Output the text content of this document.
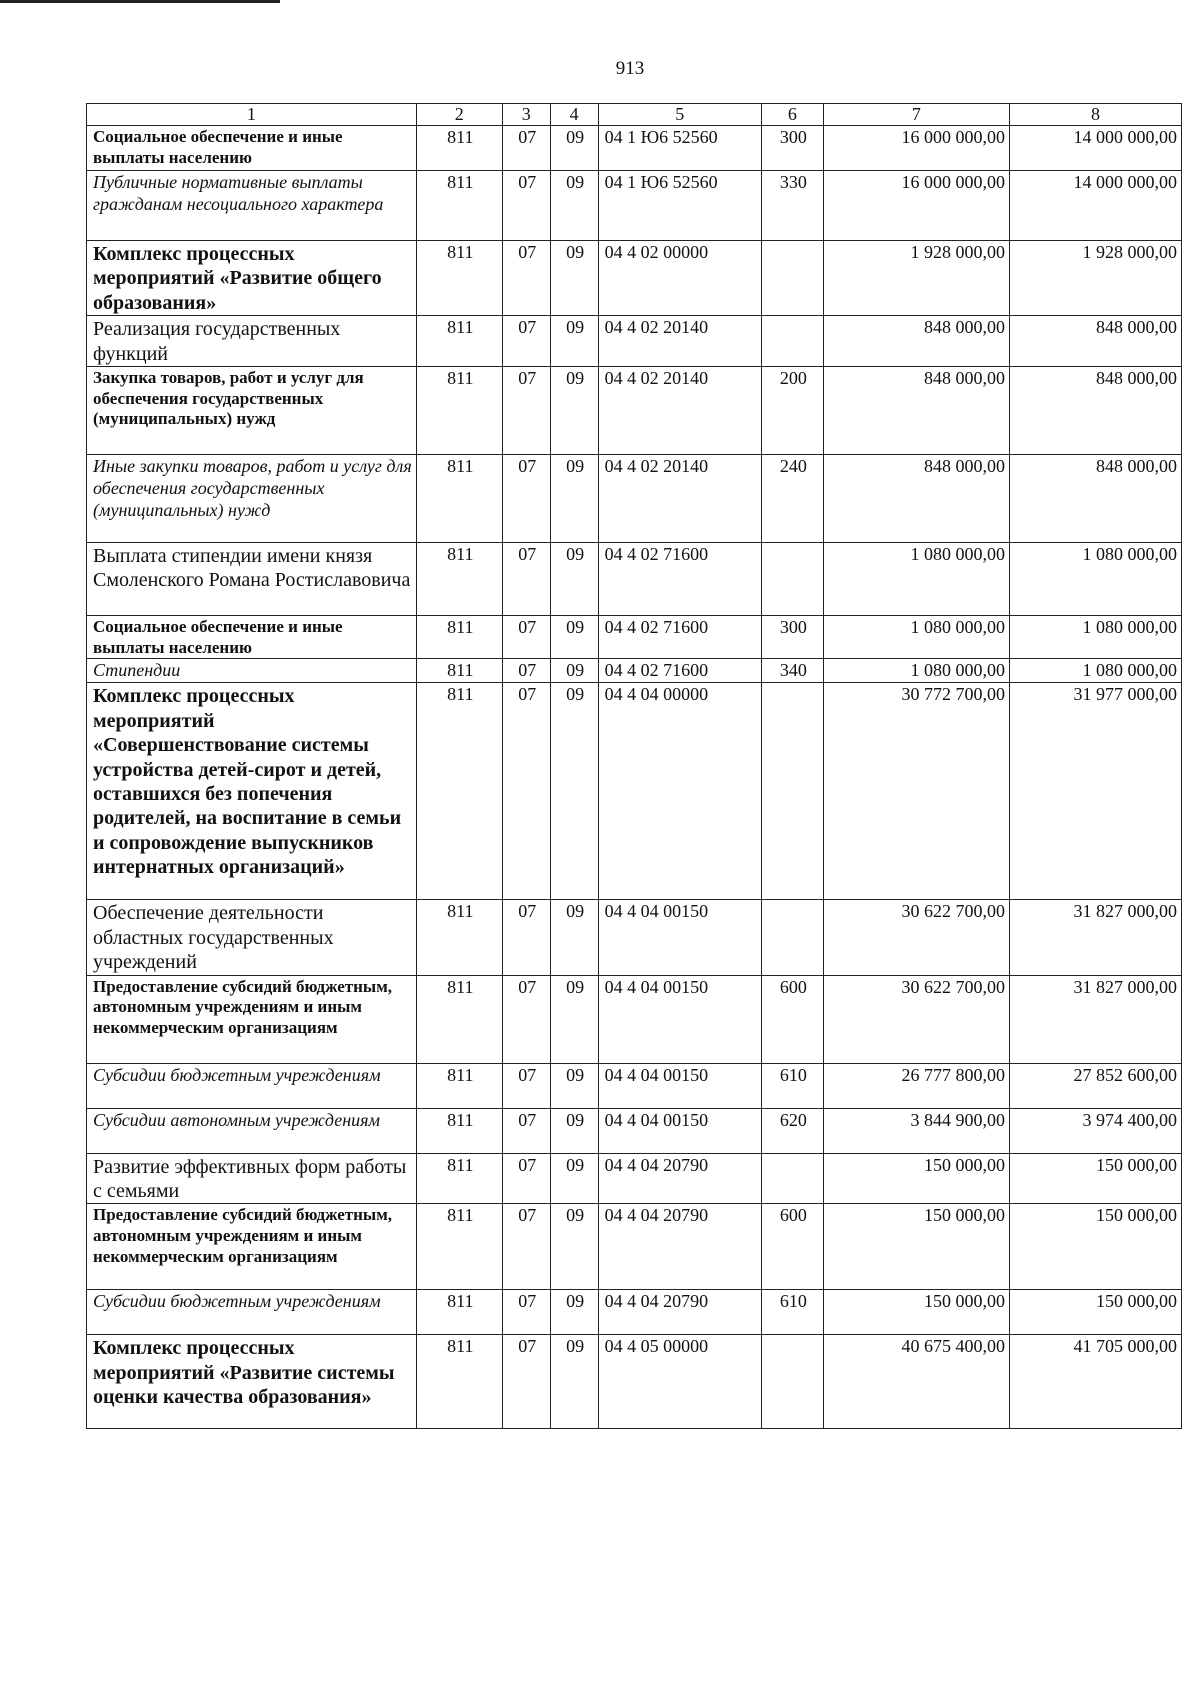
913
1	2	3	4	5	6	7	8
Социальное обеспечение и иные выплаты населению	811	07	09	04 1 Ю6 52560	300	16 000 000,00	14 000 000,00
Публичные нормативные выплаты гражданам несоциального характера	811	07	09	04 1 Ю6 52560	330	16 000 000,00	14 000 000,00
Комплекс процессных мероприятий «Развитие общего образования»	811	07	09	04 4 02 00000		1 928 000,00	1 928 000,00
Реализация государственных функций	811	07	09	04 4 02 20140		848 000,00	848 000,00
Закупка товаров, работ и услуг для обеспечения государственных (муниципальных) нужд	811	07	09	04 4 02 20140	200	848 000,00	848 000,00
Иные закупки товаров, работ и услуг для обеспечения государственных (муниципальных) нужд	811	07	09	04 4 02 20140	240	848 000,00	848 000,00
Выплата стипендии имени князя Смоленского Романа Ростиславовича	811	07	09	04 4 02 71600		1 080 000,00	1 080 000,00
Социальное обеспечение и иные выплаты населению	811	07	09	04 4 02 71600	300	1 080 000,00	1 080 000,00
Стипендии	811	07	09	04 4 02 71600	340	1 080 000,00	1 080 000,00
Комплекс процессных мероприятий «Совершенствование системы устройства детей-сирот и детей, оставшихся без попечения родителей, на воспитание в семьи и сопровождение выпускников интернатных организаций»	811	07	09	04 4 04 00000		30 772 700,00	31 977 000,00
Обеспечение деятельности областных государственных учреждений	811	07	09	04 4 04 00150		30 622 700,00	31 827 000,00
Предоставление субсидий бюджетным, автономным учреждениям и иным некоммерческим организациям	811	07	09	04 4 04 00150	600	30 622 700,00	31 827 000,00
Субсидии бюджетным учреждениям	811	07	09	04 4 04 00150	610	26 777 800,00	27 852 600,00
Субсидии автономным учреждениям	811	07	09	04 4 04 00150	620	3 844 900,00	3 974 400,00
Развитие эффективных форм работы с семьями	811	07	09	04 4 04 20790		150 000,00	150 000,00
Предоставление субсидий бюджетным, автономным учреждениям и иным некоммерческим организациям	811	07	09	04 4 04 20790	600	150 000,00	150 000,00
Субсидии бюджетным учреждениям	811	07	09	04 4 04 20790	610	150 000,00	150 000,00
Комплекс процессных мероприятий «Развитие системы оценки качества образования»	811	07	09	04 4 05 00000		40 675 400,00	41 705 000,00
